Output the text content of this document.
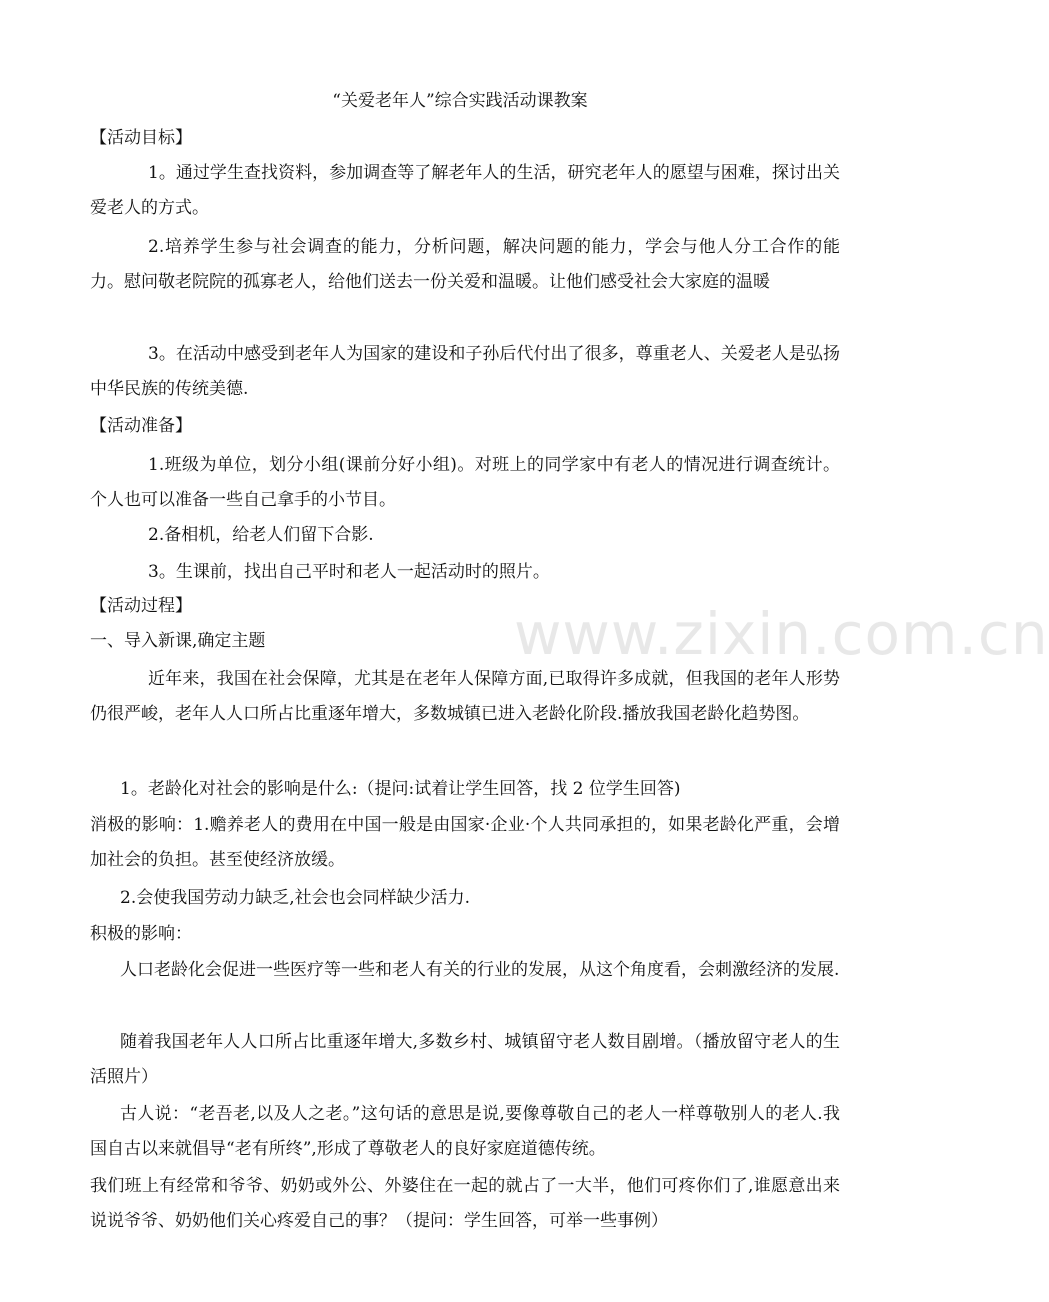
www.zixin.com.cn
“关爱老年人”综合实践活动课教案
【活动目标】
1。通过学生查找资料，参加调查等了解老年人的生活，研究老年人的愿望与困难，探讨出关爱老人的方式。
2.培养学生参与社会调查的能力，分析问题，解决问题的能力，学会与他人分工合作的能力。慰问敬老院院的孤寡老人，给他们送去一份关爱和温暖。让他们感受社会大家庭的温暖
3。在活动中感受到老年人为国家的建设和子孙后代付出了很多，尊重老人、关爱老人是弘扬中华民族的传统美德.
【活动准备】
1.班级为单位，划分小组(课前分好小组)。对班上的同学家中有老人的情况进行调查统计。个人也可以准备一些自己拿手的小节目。
2.备相机，给老人们留下合影.
3。生课前，找出自己平时和老人一起活动时的照片。
【活动过程】
一、导入新课,确定主题
近年来，我国在社会保障，尤其是在老年人保障方面,已取得许多成就，但我国的老年人形势仍很严峻，老年人人口所占比重逐年增大，多数城镇已进入老龄化阶段.播放我国老龄化趋势图。
1。老龄化对社会的影响是什么:（提问:试着让学生回答，找 2 位学生回答)
消极的影响：1.赡养老人的费用在中国一般是由国家·企业·个人共同承担的，如果老龄化严重，会增加社会的负担。甚至使经济放缓。
2.会使我国劳动力缺乏,社会也会同样缺少活力.
积极的影响：
人口老龄化会促进一些医疗等一些和老人有关的行业的发展，从这个角度看，会刺激经济的发展.
随着我国老年人人口所占比重逐年增大,多数乡村、城镇留守老人数目剧增。（播放留守老人的生活照片）
古人说：“老吾老,以及人之老。”这句话的意思是说,要像尊敬自己的老人一样尊敬别人的老人.我国自古以来就倡导“老有所终”,形成了尊敬老人的良好家庭道德传统。
我们班上有经常和爷爷、奶奶或外公、外婆住在一起的就占了一大半，他们可疼你们了,谁愿意出来说说爷爷、奶奶他们关心疼爱自己的事？（提问：学生回答，可举一些事例）
